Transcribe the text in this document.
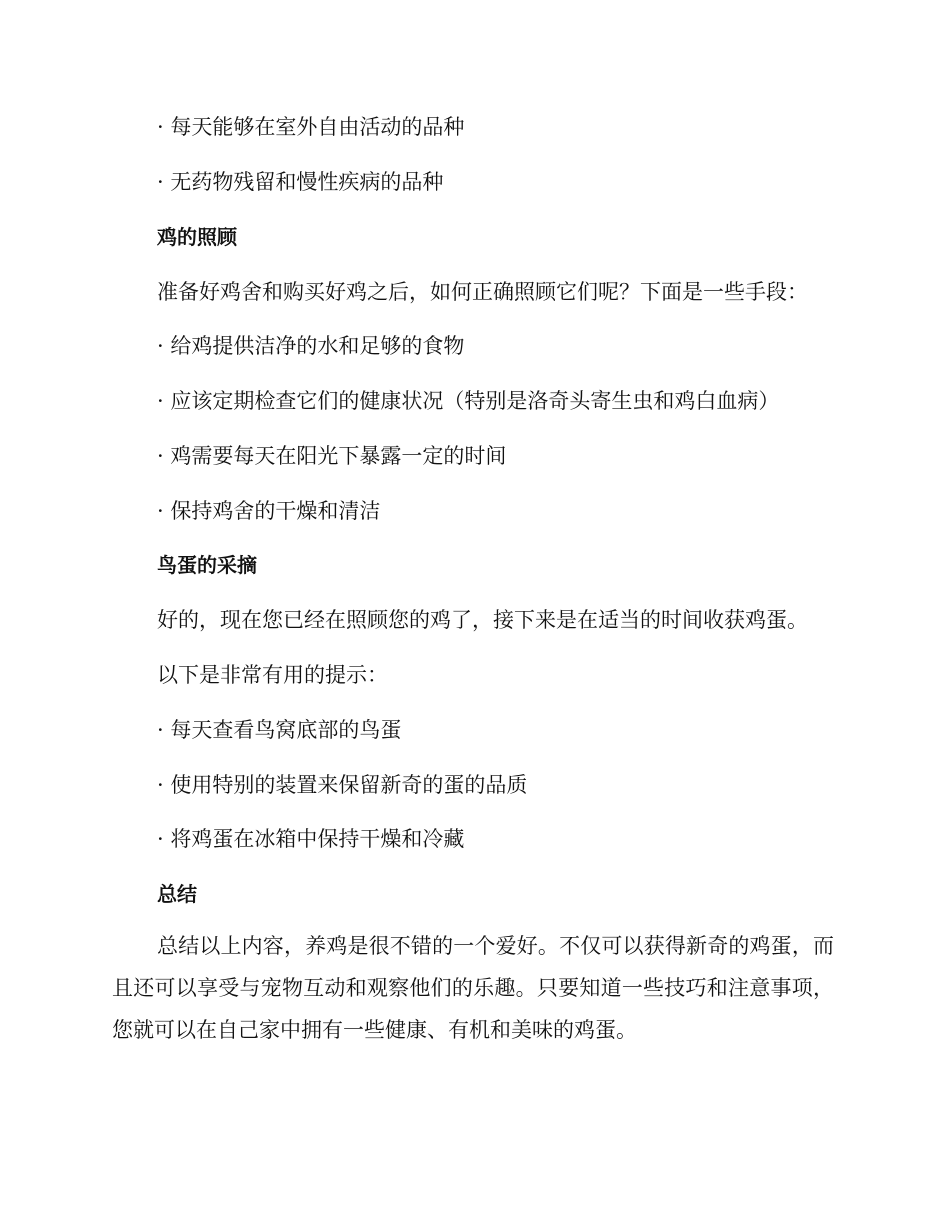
· 每天能够在室外自由活动的品种
· 无药物残留和慢性疾病的品种
鸡的照顾
准备好鸡舍和购买好鸡之后，如何正确照顾它们呢？下面是一些手段：
· 给鸡提供洁净的水和足够的食物
· 应该定期检查它们的健康状况（特别是洛奇头寄生虫和鸡白血病）
· 鸡需要每天在阳光下暴露一定的时间
· 保持鸡舍的干燥和清洁
鸟蛋的采摘
好的，现在您已经在照顾您的鸡了，接下来是在适当的时间收获鸡蛋。
以下是非常有用的提示：
· 每天查看鸟窝底部的鸟蛋
· 使用特别的装置来保留新奇的蛋的品质
· 将鸡蛋在冰箱中保持干燥和冷藏
总结
总结以上内容，养鸡是很不错的一个爱好。不仅可以获得新奇的鸡蛋，而且还可以享受与宠物互动和观察他们的乐趣。只要知道一些技巧和注意事项，您就可以在自己家中拥有一些健康、有机和美味的鸡蛋。
